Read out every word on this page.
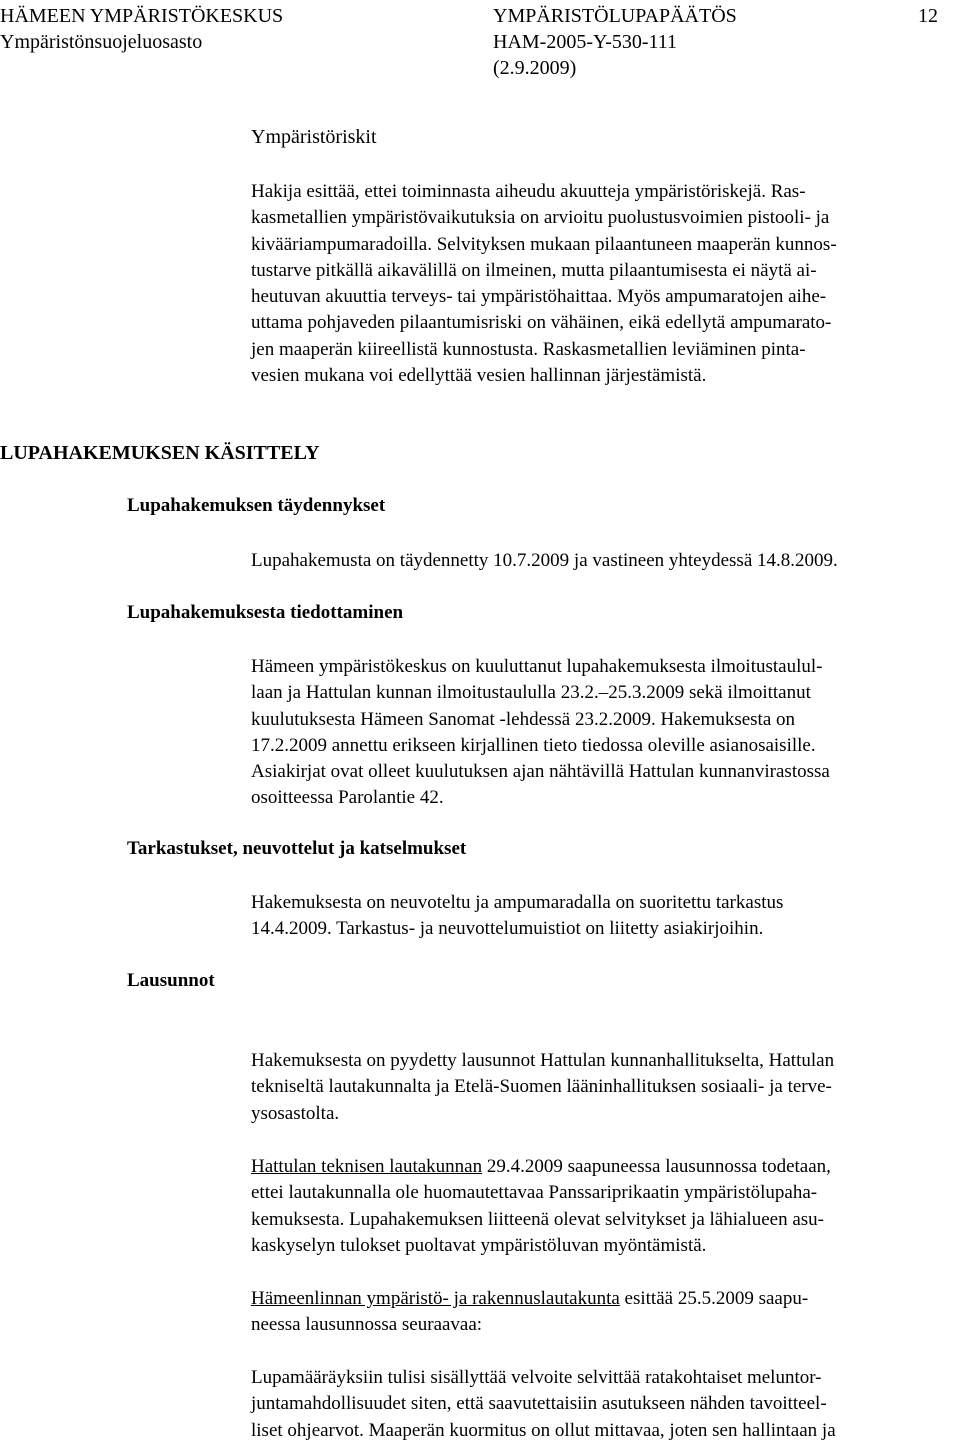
HÄMEEN YMPÄRISTÖKESKUS
Ympäristönsuojeluosasto
YMPÄRISTÖLUPAPÄÄTÖS
HAM-2005-Y-530-111
(2.9.2009)
12
Ympäristöriskit

Hakija esittää, ettei toiminnasta aiheudu akuutteja ympäristöriskejä. Ras-

kasmetallien ympäristövaikutuksia on arvioitu puolustusvoimien pistooli- ja

kivääriampumaradoilla. Selvityksen mukaan pilaantuneen maaperän kunnos-

tustarve pitkällä aikavälillä on ilmeinen, mutta pilaantumisesta ei näytä ai-

heutuvan akuuttia terveys- tai ympäristöhaittaa. Myös ampumaratojen aihe-

uttama pohjaveden pilaantumisriski on vähäinen, eikä edellytä ampumarato-

jen maaperän kiireellistä kunnostusta. Raskasmetallien leviäminen pinta-

vesien mukana voi edellyttää vesien hallinnan järjestämistä.

LUPAHAKEMUKSEN KÄSITTELY
Lupahakemuksen täydennykset
Lupahakemusta on täydennetty 10.7.2009 ja vastineen yhteydessä 14.8.2009.
Lupahakemuksesta tiedottaminen

Hämeen ympäristökeskus on kuuluttanut lupahakemuksesta ilmoitustaulul-

laan ja Hattulan kunnan ilmoitustaululla 23.2.–25.3.2009 sekä ilmoittanut

kuulutuksesta Hämeen Sanomat -lehdessä 23.2.2009. Hakemuksesta on

17.2.2009 annettu erikseen kirjallinen tieto tiedossa oleville asianosaisille.

Asiakirjat ovat olleet kuulutuksen ajan nähtävillä Hattulan kunnanvirastossa

osoitteessa Parolantie 42.

Tarkastukset, neuvottelut ja katselmukset

Hakemuksesta on neuvoteltu ja ampumaradalla on suoritettu tarkastus

14.4.2009. Tarkastus- ja neuvottelumuistiot on liitetty asiakirjoihin.

Lausunnot

Hakemuksesta on pyydetty lausunnot Hattulan kunnanhallitukselta, Hattulan

tekniseltä lautakunnalta ja Etelä-Suomen lääninhallituksen sosiaali- ja terve-

ysosastolta.

Hattulan teknisen lautakunnan 29.4.2009 saapuneessa lausunnossa todetaan,

ettei lautakunnalla ole huomautettavaa Panssariprikaatin ympäristölupaha-

kemuksesta. Lupahakemuksen liitteenä olevat selvitykset ja lähialueen asu-

kaskyselyn tulokset puoltavat ympäristöluvan myöntämistä.

Hämeenlinnan ympäristö- ja rakennuslautakunta esittää 25.5.2009 saapu-

neessa lausunnossa seuraavaa:

Lupamääräyksiin tulisi sisällyttää velvoite selvittää ratakohtaiset meluntor-

juntamahdollisuudet siten, että saavutettaisiin asutukseen nähden tavoitteel-

liset ohjearvot. Maaperän kuormitus on ollut mittavaa, joten sen hallintaan ja
